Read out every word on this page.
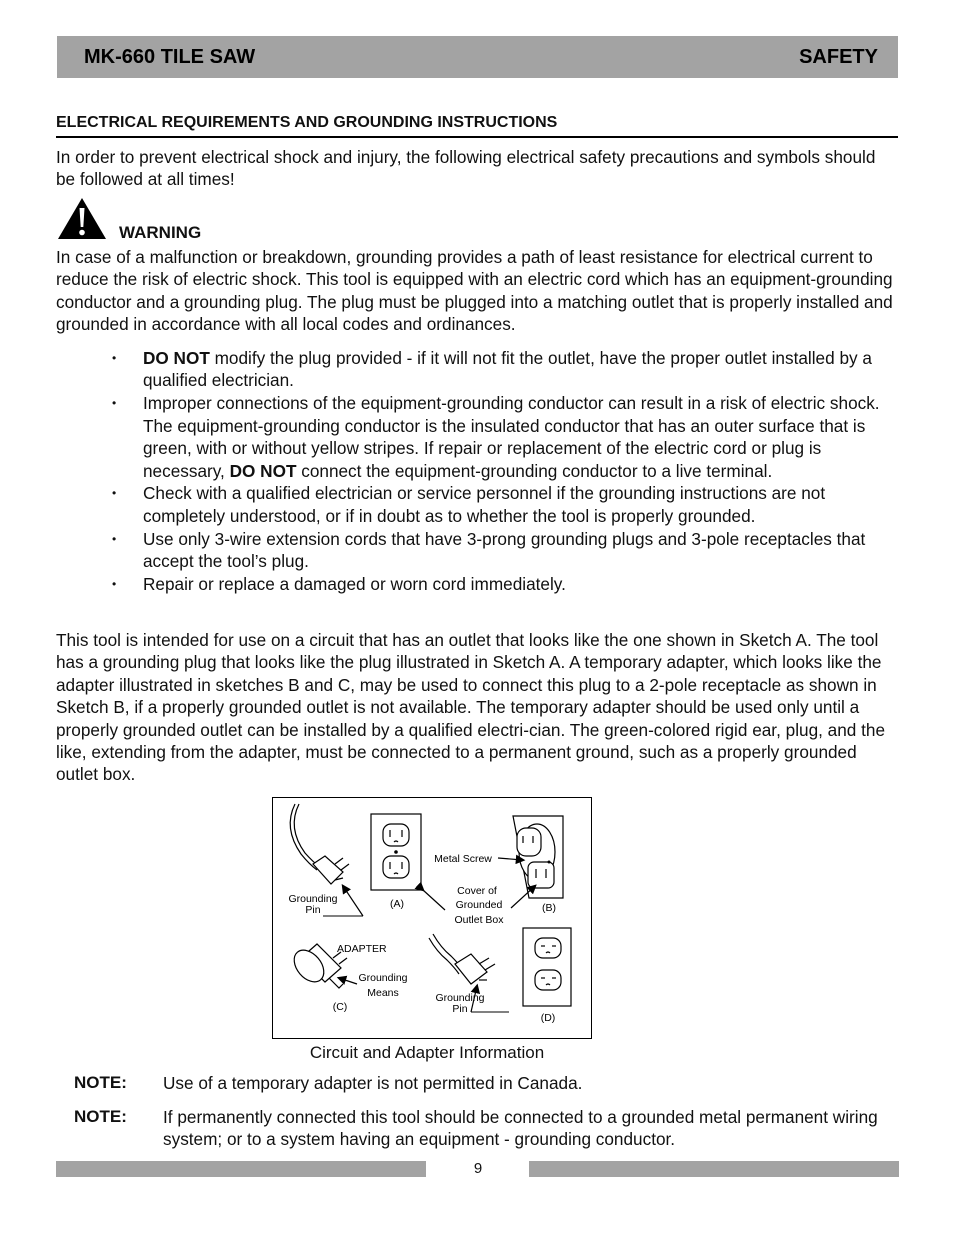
MK-660 TILE SAW	SAFETY
ELECTRICAL REQUIREMENTS AND GROUNDING INSTRUCTIONS
In order to prevent electrical shock and injury, the following electrical safety precautions and symbols should be followed at all times!
WARNING
In case of a malfunction or breakdown, grounding provides a path of least resistance for electrical current to reduce the risk of electric shock. This tool is equipped with an electric cord which has an equipment-grounding conductor and a grounding plug. The plug must be plugged into a matching outlet that is properly installed and grounded in accordance with all local codes and ordinances.
• DO NOT modify the plug provided - if it will not fit the outlet, have the proper outlet installed by a qualified electrician.
• Improper connections of the equipment-grounding conductor can result in a risk of electric shock. The equipment-grounding conductor is the insulated conductor that has an outer surface that is green, with or without yellow stripes. If repair or replacement of the electric cord or plug is necessary, DO NOT connect the equipment-grounding conductor to a live terminal.
• Check with a qualified electrician or service personnel if the grounding instructions are not completely understood, or if in doubt as to whether the tool is properly grounded.
• Use only 3-wire extension cords that have 3-prong grounding plugs and 3-pole receptacles that accept the tool’s plug.
• Repair or replace a damaged or worn cord immediately.
This tool is intended for use on a circuit that has an outlet that looks like the one shown in Sketch A. The tool has a grounding plug that looks like the plug illustrated in Sketch A. A temporary adapter, which looks like the adapter illustrated in sketches B and C, may be used to connect this plug to a 2-pole receptacle as shown in Sketch B, if a properly grounded outlet is not available. The temporary adapter should be used only until a properly grounded outlet can be installed by a qualified electri-cian. The green-colored rigid ear, plug, and the like, extending from the adapter, must be connected to a permanent ground, such as a properly grounded outlet box.
Grounding
Pin	(A)
Metal Screw
Cover of
Grounded
Outlet Box
(B)
ADAPTER
Grounding
Means
(C)
Grounding
Pin
(D)
Circuit and Adapter Information
NOTE: Use of a temporary adapter is not permitted in Canada.
NOTE: If permanently connected this tool should be connected to a grounded metal permanent wiring system; or to a system having an equipment - grounding conductor.
9
